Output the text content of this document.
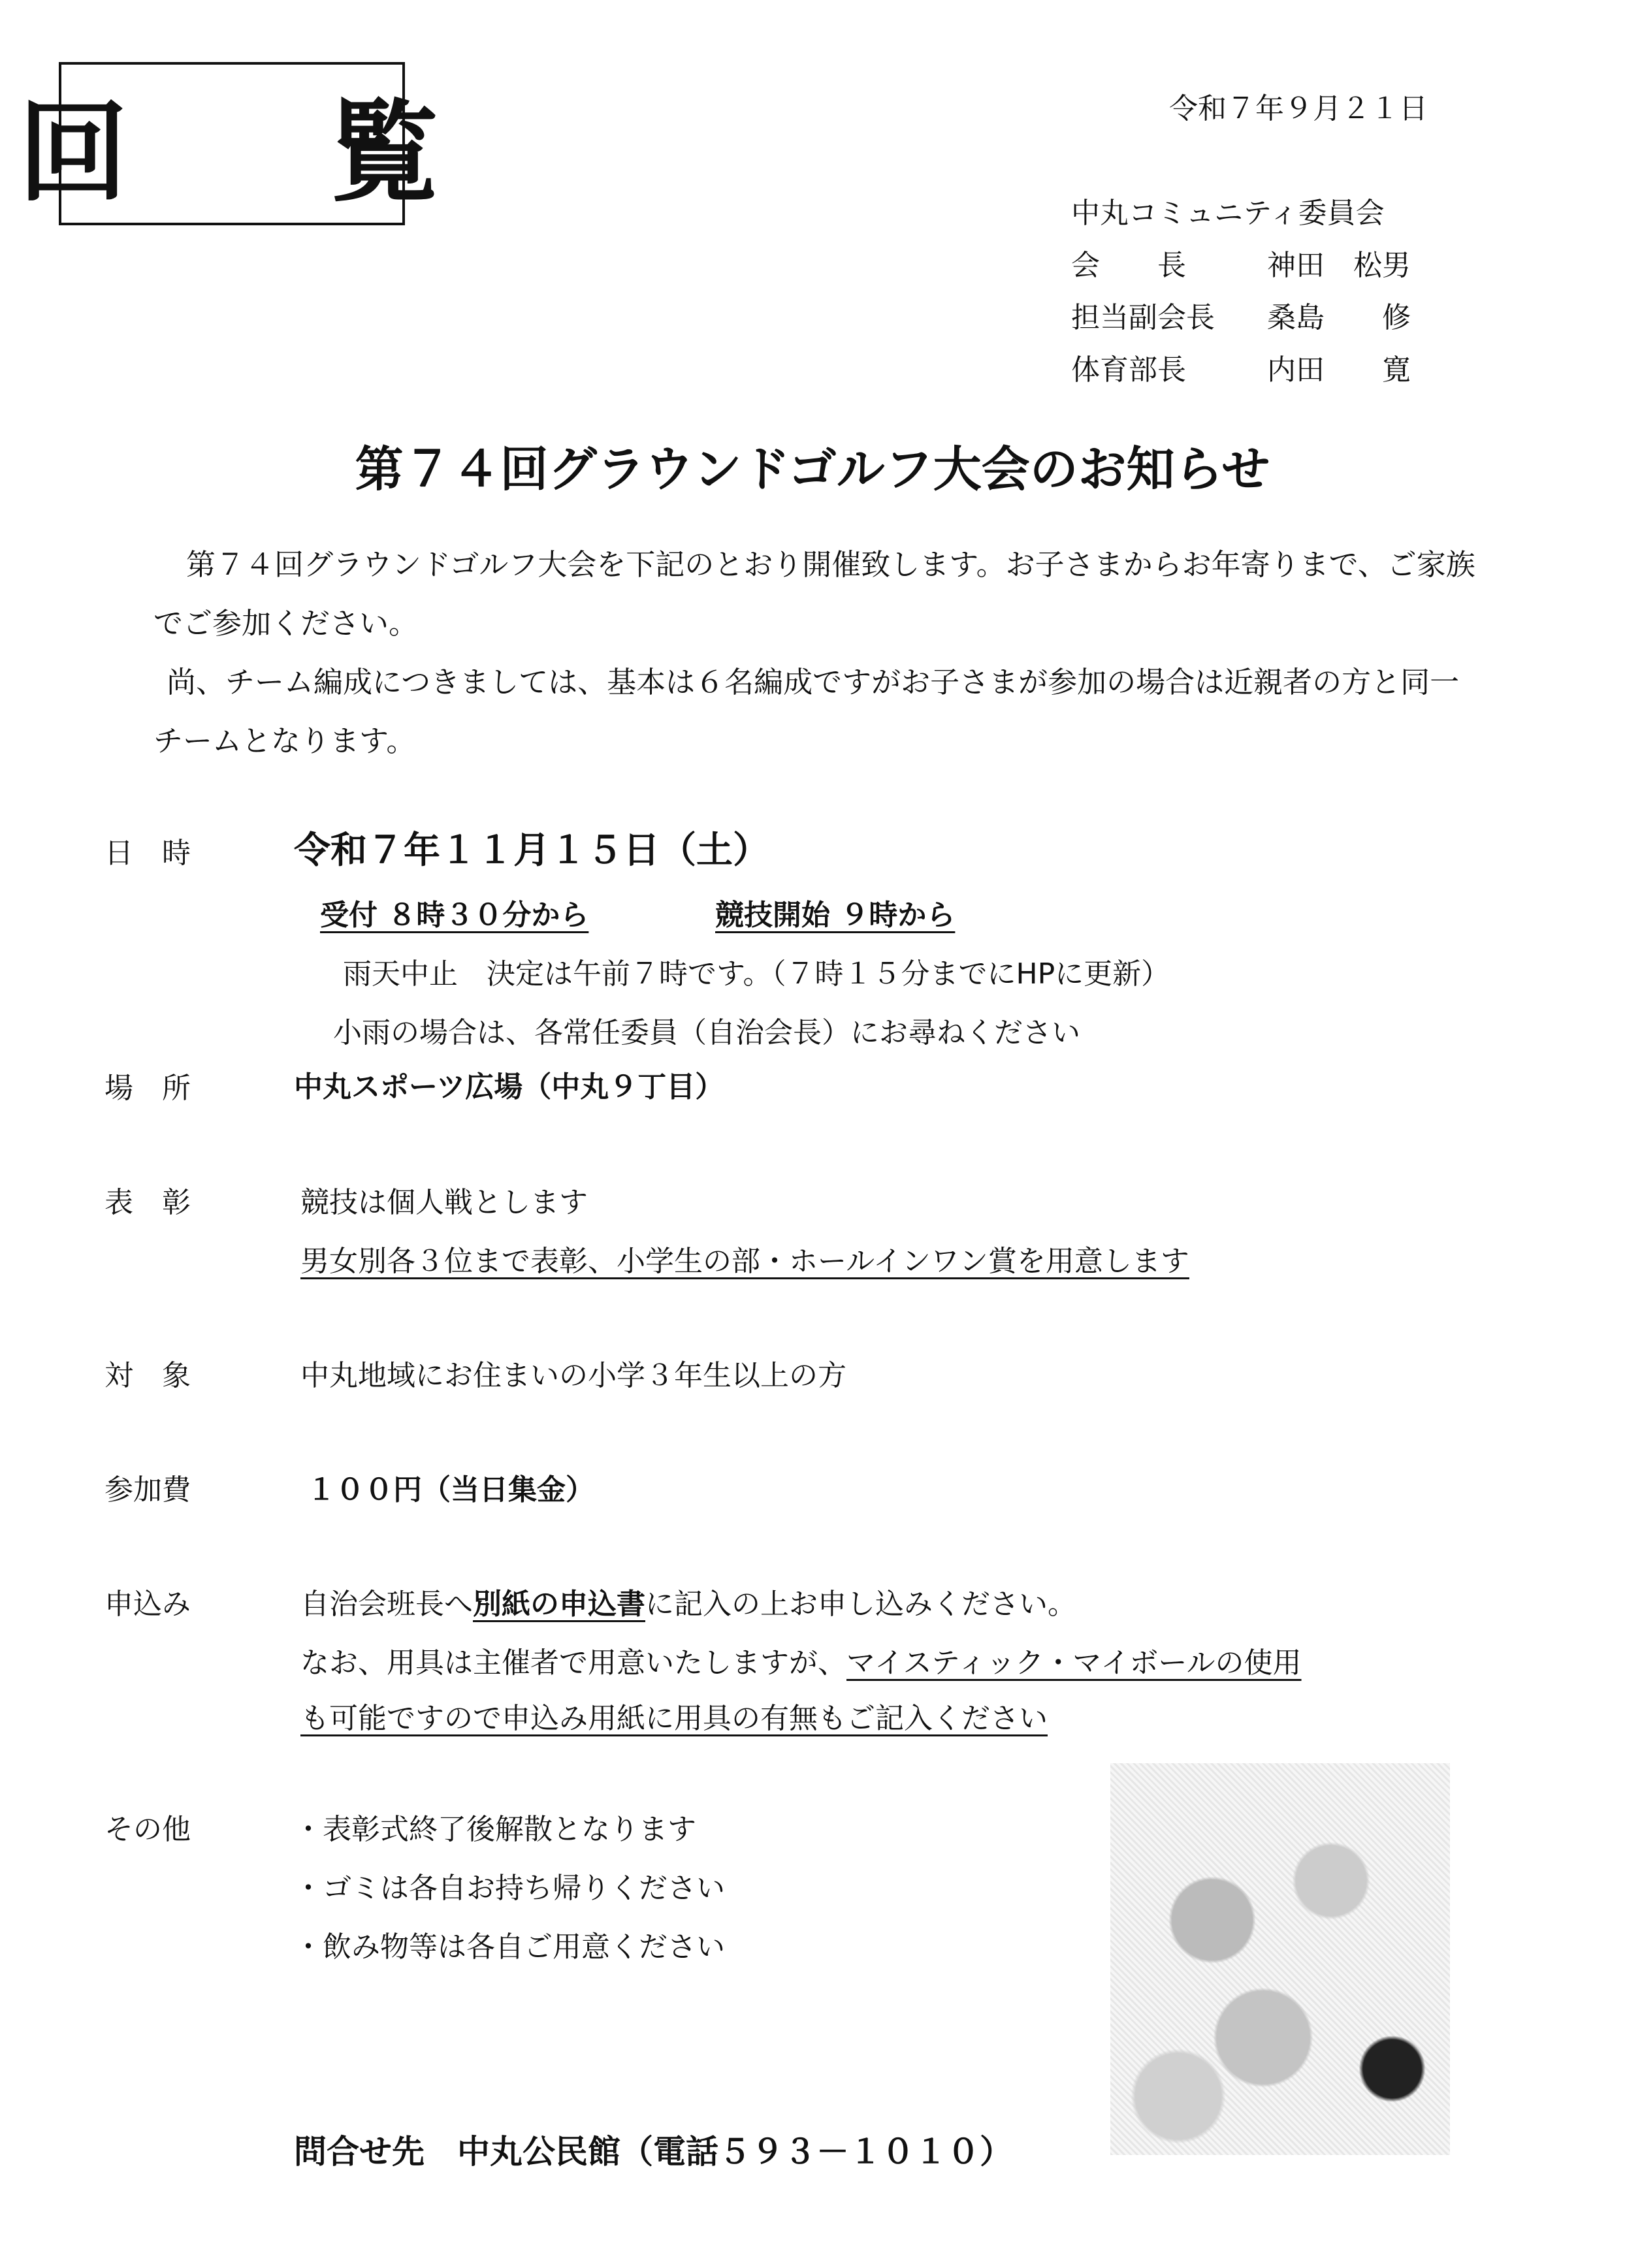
回　覧	令和７年９月２１日
中丸コミュニティ委員会
会　　長	神田　松男
担当副会長 桑島　　修
体育部長	内田　　寛
第７４回グラウンドゴルフ大会のお知らせ
第７４回グラウンドゴルフ大会を下記のとおり開催致します。お子さまからお年寄りまで、ご家族でご参加ください。
尚、チーム編成につきましては、基本は６名編成ですがお子さまが参加の場合は近親者の方と同一チームとなります。
日　時	令和７年１１月１５日（土）
受付 ８時３０分から	競技開始 ９時から
雨天中止　決定は午前７時です。（７時１５分までにHPに更新）
小雨の場合は、各常任委員（自治会長）にお尋ねください
場　所	中丸スポーツ広場（中丸９丁目）
表　彰	競技は個人戦とします
男女別各３位まで表彰、小学生の部・ホールインワン賞を用意します
対　象	中丸地域にお住まいの小学３年生以上の方
参加費	１００円（当日集金）
申込み	自治会班長へ別紙の申込書に記入の上お申し込みください。
なお、用具は主催者で用意いたしますが、マイスティック・マイボールの使用
も可能ですので申込み用紙に用具の有無もご記入ください
その他	・表彰式終了後解散となります
・ゴミは各自お持ち帰りください
・飲み物等は各自ご用意ください
問合せ先　中丸公民館（電話５９３－１０１０）
